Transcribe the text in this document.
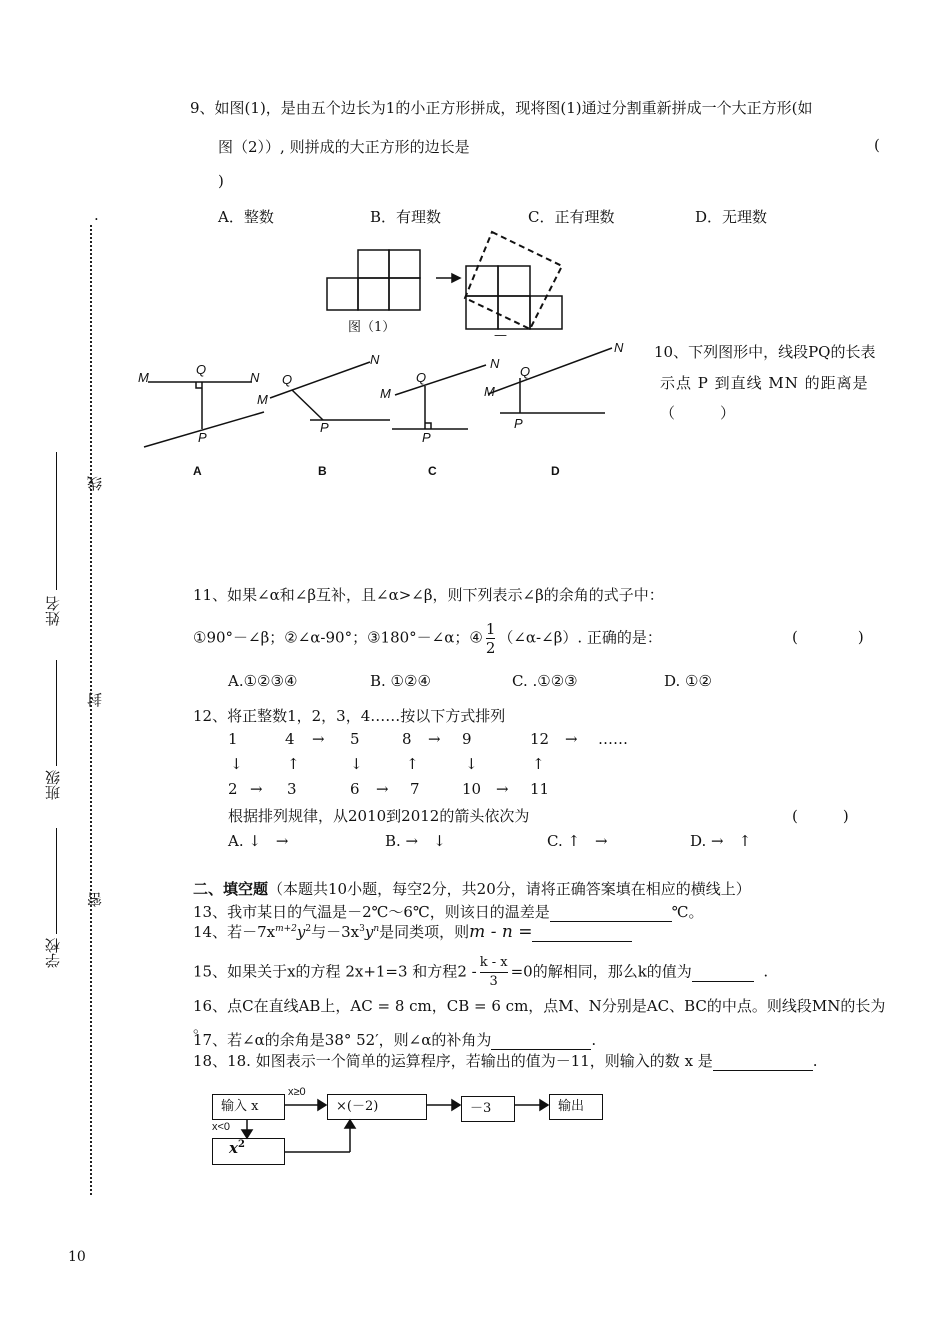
.
线
封
密
姓名
班级
学校
9、如图(1)，是由五个边长为1的小正方形拼成，现将图(1)通过分割重新拼成一个大正方形(如
图（2））, 则拼成的大正方形的边长是	(
)
A．整数	B．有理数	C．正有理数	D．无理数
图（1）
—
M
Q
N
P
M
Q
N
P
M
Q
N
P
M
Q
N
P
A	B	C	D
10、下列图形中，线段PQ的长表
示点 P 到直线 MN 的距离是
（　　　）
11、如果∠α和∠β互补，且∠α>∠β，则下列表示∠β的余角的式子中：
①90°－∠β；②∠α-90°；③180°－∠α；④ $\frac{1}{2}$ （∠α-∠β）. 正确的是：	(　　　　)
A.①②③④	B. ①②④	C. .①②③	D. ①②
12、将正整数1，2，3，4……按以下方式排列
1	4 → 5	8 → 9	12 → ……
↓	↑	↓	↑	↓	↑
2 → 3	6 → 7	10 → 11
根据排列规律，从2010到2012的箭头依次为	(　　　)
A. ↓　→	B. →　↓	C. ↑　→	D. →　↑
二、填空题（本题共10小题，每空2分，共20分，请将正确答案填在相应的横线上）
13、我市某日的气温是－2℃～6℃，则该日的温差是	℃。
14、若$-7x^{m+2}y^2$与$-3x^3y^n$是同类项，则m - n =
15、如果关于x的方程 2x+1=3 和方程$2 - \frac{k - x}{3} =0$的解相同，那么k的值为	.
16、点C在直线AB上，AC = 8 cm，CB = 6 cm，点M、N分别是AC、BC的中点。则线段MN的长为
。
17、若∠α的余角是38° 52′，则∠α的补角为	.
18、18. 如图表示一个简单的运算程序，若输出的值为－11，则输入的数 x 是	.
输入 x	×(－2)	－3	输出
$x^2$
x≥0
x<0
10
